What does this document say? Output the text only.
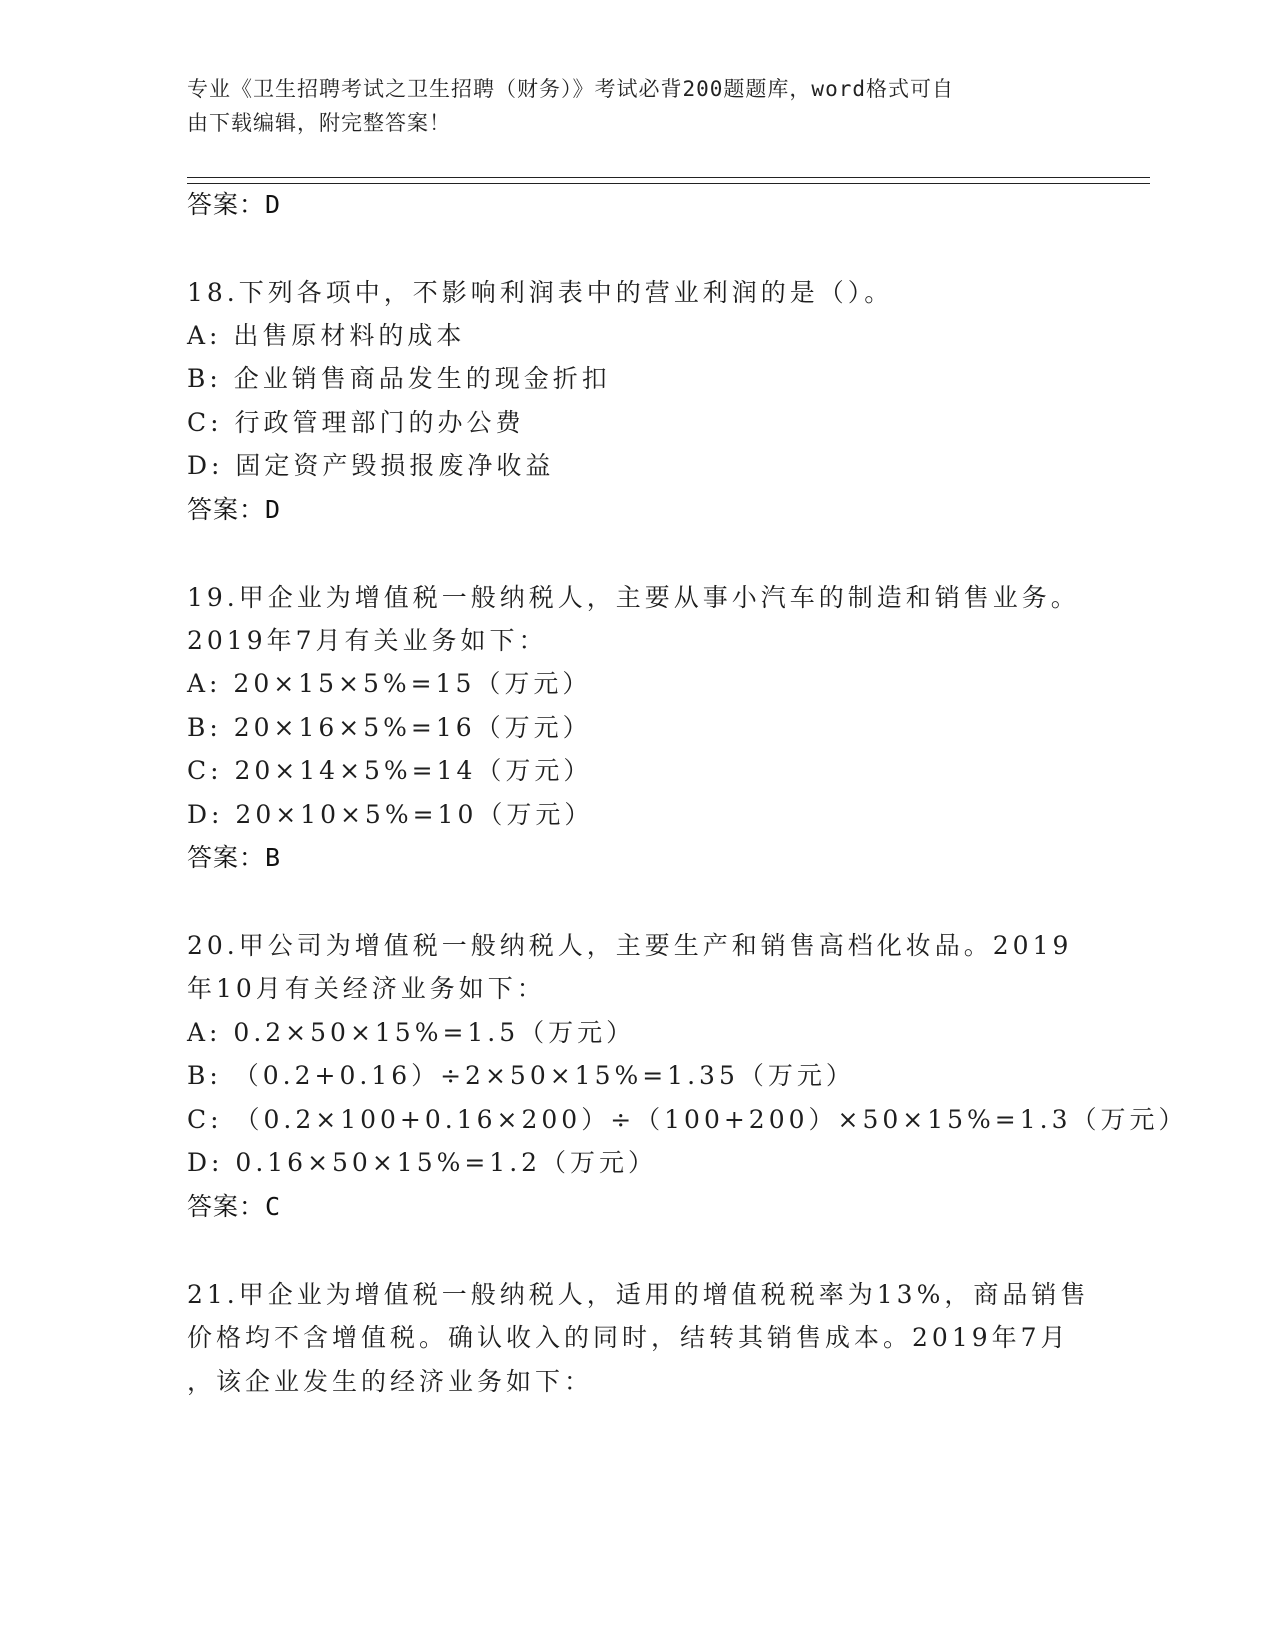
专业《卫生招聘考试之卫生招聘（财务）》考试必背200题题库，word格式可自
由下载编辑，附完整答案！
答案：D
18.下列各项中，不影响利润表中的营业利润的是（）。
A: 出售原材料的成本
B: 企业销售商品发生的现金折扣
C: 行政管理部门的办公费
D: 固定资产毁损报废净收益
答案：D
19.甲企业为增值税一般纳税人，主要从事小汽车的制造和销售业务。
2019年7月有关业务如下：
A: 20×15×5%=15（万元）
B: 20×16×5%=16（万元）
C: 20×14×5%=14（万元）
D: 20×10×5%=10（万元）
答案：B
20.甲公司为增值税一般纳税人，主要生产和销售高档化妆品。2019
年10月有关经济业务如下：
A: 0.2×50×15%=1.5（万元）
B: （0.2+0.16）÷2×50×15%=1.35（万元）
C: （0.2×100+0.16×200）÷（100+200）×50×15%=1.3（万元）
D: 0.16×50×15%=1.2（万元）
答案：C
21.甲企业为增值税一般纳税人，适用的增值税税率为13%，商品销售
价格均不含增值税。确认收入的同时，结转其销售成本。2019年7月
，该企业发生的经济业务如下：
